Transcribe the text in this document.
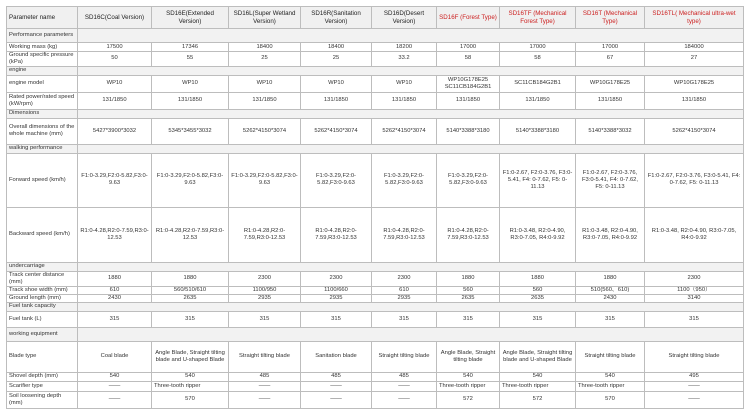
Parameter name	SD16C(Coal Version)	SD16E(Extended Version)	SD16L(Super Wetland Version)	SD16R(Sanitation Version)	SD16D(Desert Version)	SD16F (Forest Type)	SD16TF (Mechanical Forest Type)	SD16T (Mechanical Type)	SD16TL( Mechanical ultra-wet type)
Performance parameters									
Working mass (kg)	17500	17346	18400	18400	18200	17000	17000	17000	184000
Ground specific pressure (kPa)	50	55	25	25	33.2	58	58	67	27
engine									
engine model	WP10	WP10	WP10	WP10	WP10	WP10G178E25 SC11CB184G2B1	SC11CB184G2B1	WP10G178E25	WP10G178E25
Rated power/rated speed (kW/rpm)	131/1850	131/1850	131/1850	131/1850	131/1850	131/1850	131/1850	131/1850	131/1850
Dimensions									
Overall dimensions of the whole machine (mm)	5427*3900*3032	5345*3455*3032	5262*4150*3074	5262*4150*3074	5262*4150*3074	5140*3388*3180	5140*3388*3180	5140*3388*3032	5262*4150*3074
walking performance									
Forward speed (km/h)	F1:0-3.29,F2:0-5.82,F3:0-9.63	F1:0-3.29,F2:0-5.82,F3:0-9.63	F1:0-3.29,F2:0-5.82,F3:0-9.63	F1:0-3.29,F2:0-5.82,F3:0-9.63	F1:0-3.29,F2:0-5.82,F3:0-9.63	F1:0-3.29,F2:0-5.82,F3:0-9.63	F1:0-2.67, F2:0-3.76, F3:0-5.41, F4: 0-7.62, F5: 0-11.13	F1:0-2.67, F2:0-3.76, F3:0-5.41, F4: 0-7.62, F5: 0-11.13	F1:0-2.67, F2:0-3.76, F3:0-5.41, F4: 0-7.62, F5: 0-11.13
Backward speed (km/h)	R1:0-4.28,R2:0-7.59,R3:0-12.53	R1:0-4.28,R2:0-7.59,R3:0-12.53	R1:0-4.28,R2:0-7.59,R3:0-12.53	R1:0-4.28,R2:0-7.59,R3:0-12.53	R1:0-4.28,R2:0-7.59,R3:0-12.53	R1:0-4.28,R2:0-7.59,R3:0-12.53	R1:0-3.48, R2:0-4.90, R3:0-7.05, R4:0-9.92	R1:0-3.48, R2:0-4.90, R3:0-7.05, R4:0-9.92	R1:0-3.48, R2:0-4.90, R3:0-7.05, R4:0-9.92
undercarriage									
Track center distance (mm)	1880	1880	2300	2300	2300	1880	1880	1880	2300
Track shoe width (mm)	610	560/510/610	1100/950	1100/660	610	560	560	510(560、610)	1100（950）
Ground length (mm)	2430	2635	2935	2935	2935	2635	2635	2430	3140
Fuel tank capacity									
Fuel tank (L)	315	315	315	315	315	315	315	315	315
working equipment									
Blade type	Coal blade	Angle Blade, Straight tilting blade and U-shaped Blade	Straight tilting blade	Sanitation blade	Straight tilting blade	Angle Blade, Straight tilting blade	Angle Blade, Straight tilting blade and U-shaped Blade	Straight tilting blade	Straight tilting blade
Shovel depth (mm)	540	540	485	485	485	540	540	540	495
Scarifier type	——	Three-tooth ripper	——	——	——	Three-tooth ripper	Three-tooth ripper	Three-tooth ripper	——
Soil loosening depth (mm)	——	570	——	——	——	572	572	570	——
